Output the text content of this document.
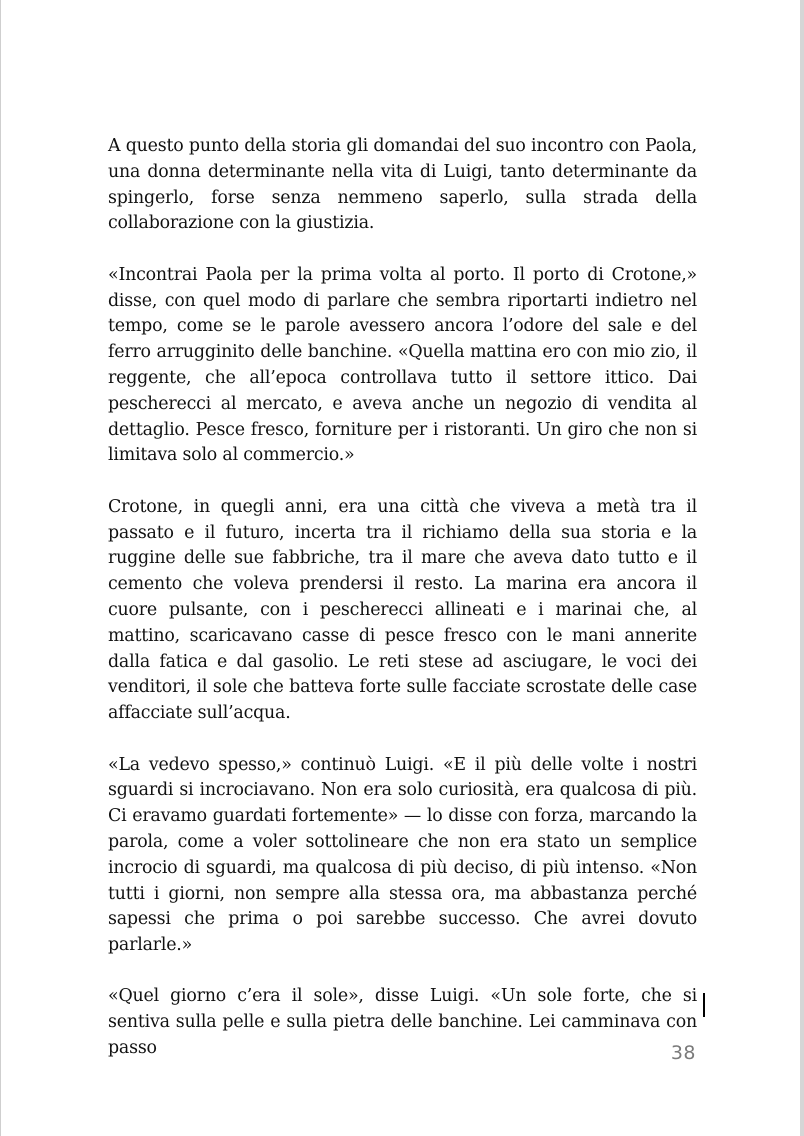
A questo punto della storia gli domandai del suo incontro con Paola, una donna determinante nella vita di Luigi, tanto determinante da spingerlo, forse senza nemmeno saperlo, sulla strada della collaborazione con la giustizia.

«Incontrai Paola per la prima volta al porto. Il porto di Crotone,» disse, con quel modo di parlare che sembra riportarti indietro nel tempo, come se le parole avessero ancora l’odore del sale e del ferro arrugginito delle banchine. «Quella mattina ero con mio zio, il reggente, che all’epoca controllava tutto il settore ittico. Dai pescherecci al mercato, e aveva anche un negozio di vendita al dettaglio. Pesce fresco, forniture per i ristoranti. Un giro che non si limitava solo al commercio.»

Crotone, in quegli anni, era una città che viveva a metà tra il passato e il futuro, incerta tra il richiamo della sua storia e la ruggine delle sue fabbriche, tra il mare che aveva dato tutto e il cemento che voleva prendersi il resto. La marina era ancora il cuore pulsante, con i pescherecci allineati e i marinai che, al mattino, scaricavano casse di pesce fresco con le mani annerite dalla fatica e dal gasolio. Le reti stese ad asciugare, le voci dei venditori, il sole che batteva forte sulle facciate scrostate delle case affacciate sull’acqua.

«La vedevo spesso,» continuò Luigi. «E il più delle volte i nostri sguardi si incrociavano. Non era solo curiosità, era qualcosa di più. Ci eravamo guardati fortemente» — lo disse con forza, marcando la parola, come a voler sottolineare che non era stato un semplice incrocio di sguardi, ma qualcosa di più deciso, di più intenso. «Non tutti i giorni, non sempre alla stessa ora, ma abbastanza perché sapessi che prima o poi sarebbe successo. Che avrei dovuto parlarle.»

«Quel giorno c’era il sole», disse Luigi. «Un sole forte, che si sentiva sulla pelle e sulla pietra delle banchine. Lei camminava con passo	38
